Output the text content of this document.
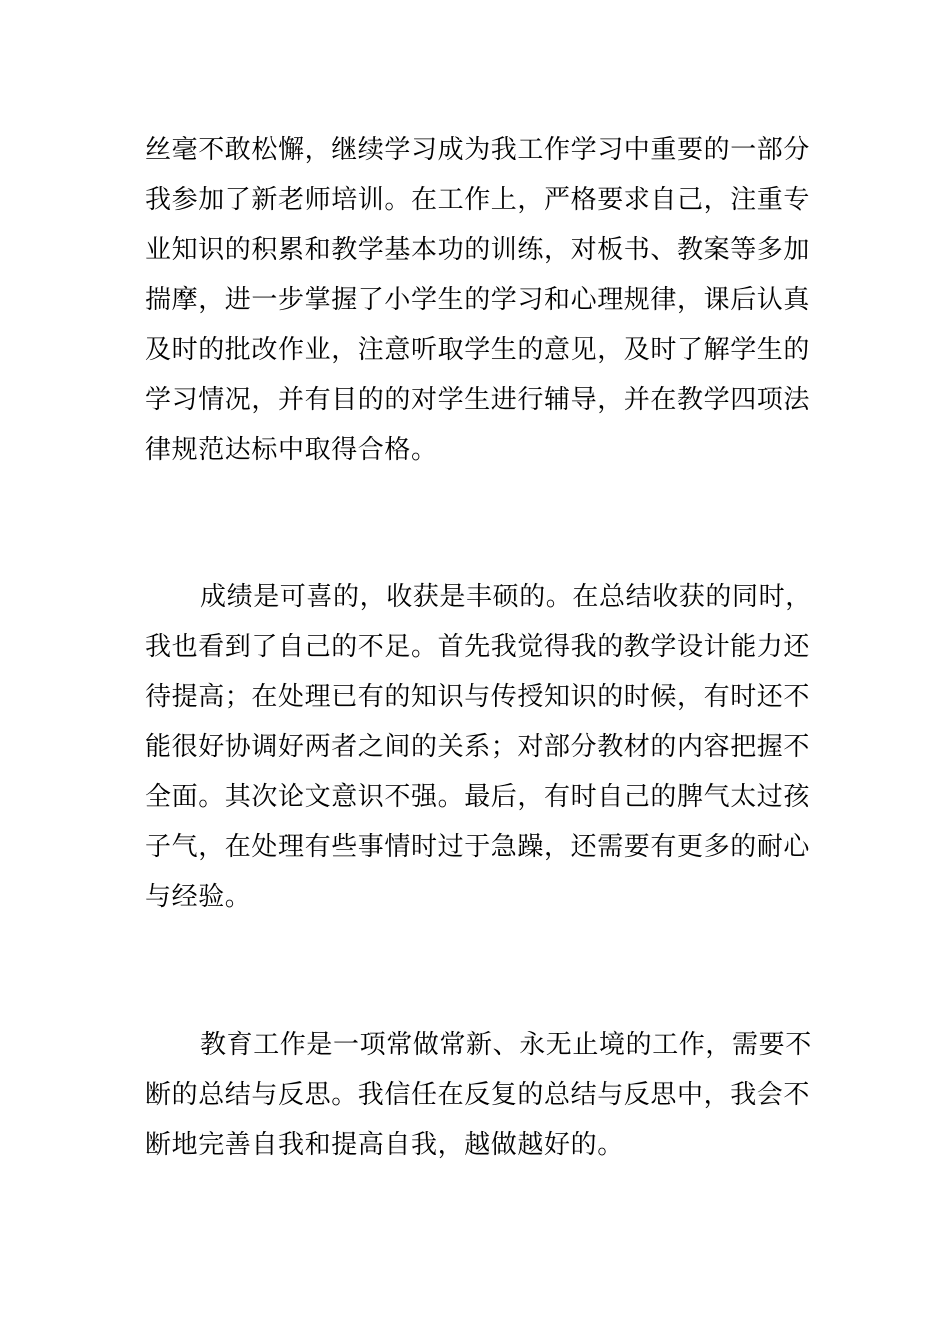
丝毫不敢松懈，继续学习成为我工作学习中重要的一部分
我参加了新老师培训。在工作上，严格要求自己，注重专
业知识的积累和教学基本功的训练，对板书、教案等多加
揣摩，进一步掌握了小学生的学习和心理规律，课后认真
及时的批改作业，注意听取学生的意见，及时了解学生的
学习情况，并有目的的对学生进行辅导，并在教学四项法
律规范达标中取得合格。
成绩是可喜的，收获是丰硕的。在总结收获的同时，
我也看到了自己的不足。首先我觉得我的教学设计能力还
待提高；在处理已有的知识与传授知识的时候，有时还不
能很好协调好两者之间的关系；对部分教材的内容把握不
全面。其次论文意识不强。最后，有时自己的脾气太过孩
子气，在处理有些事情时过于急躁，还需要有更多的耐心
与经验。
教育工作是一项常做常新、永无止境的工作，需要不
断的总结与反思。我信任在反复的总结与反思中，我会不
断地完善自我和提高自我，越做越好的。
